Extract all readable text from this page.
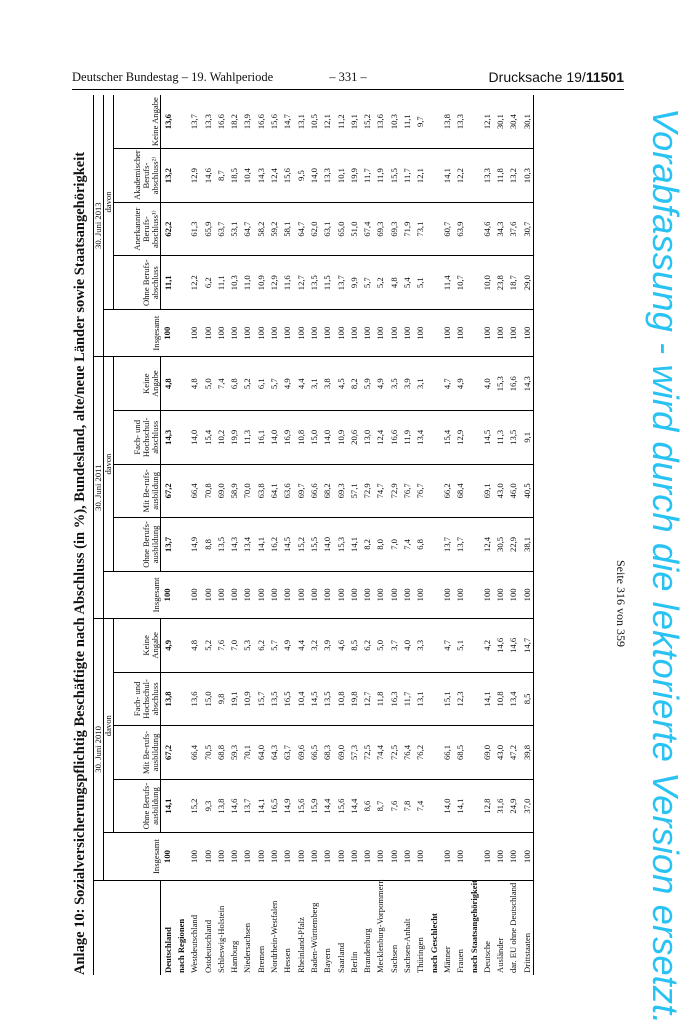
Deutscher Bundestag – 19. Wahlperiode	– 331 –	Drucksache 19/11501
Anlage 10: Sozialversicherungspflichtig Beschäftigte nach Abschluss (in %), Bundesland, alte/neue Länder sowie Staatsangehörigkeit
	30. Juni 2010					30. Juni 2011					30. Juni 2013				
	Insgesamt	davon				Insgesamt	davon				Insgesamt	davon			
		Ohne Berufs-ausbildung	Mit Be-rufs-ausbildung	Fach- und Hochschul-abschluss	Keine Angabe		Ohne Berufs-ausbildung	Mit Be-rufs-ausbildung	Fach- und Hochschul-abschluss	Keine Angabe		Ohne Berufs-abschluss	Anerkannter Berufs-abschluss¹⁾	Akademischer Berufs-abschluss²⁾	Keine Angabe
Deutschland	100	14,1	67,2	13,8	4,9	100	13,7	67,2	14,3	4,8	100	11,1	62,2	13,2	13,6
nach Regionen															
Westdeutschland	100	15,2	66,4	13,6	4,8	100	14,9	66,4	14,0	4,8	100	12,2	61,3	12,9	13,7
Ostdeutschland	100	9,3	70,5	15,0	5,2	100	8,8	70,8	15,4	5,0	100	6,2	65,9	14,6	13,3
Schleswig-Holstein	100	13,8	68,8	9,8	7,6	100	13,5	69,0	10,2	7,4	100	11,1	63,7	8,7	16,6
Hamburg	100	14,6	59,3	19,1	7,0	100	14,3	58,9	19,9	6,8	100	10,3	53,1	18,5	18,2
Niedersachsen	100	13,7	70,1	10,9	5,3	100	13,4	70,0	11,3	5,2	100	11,0	64,7	10,4	13,9
Bremen	100	14,1	64,0	15,7	6,2	100	14,1	63,8	16,1	6,1	100	10,9	58,2	14,3	16,6
Nordrhein-Westfalen	100	16,5	64,3	13,5	5,7	100	16,2	64,1	14,0	5,7	100	12,9	59,2	12,4	15,6
Hessen	100	14,9	63,7	16,5	4,9	100	14,5	63,6	16,9	4,9	100	11,6	58,1	15,6	14,7
Rheinland-Pfalz	100	15,6	69,6	10,4	4,4	100	15,2	69,7	10,8	4,4	100	12,7	64,7	9,5	13,1
Baden-Württemberg	100	15,9	66,5	14,5	3,2	100	15,5	66,6	15,0	3,1	100	13,5	62,0	14,0	10,5
Bayern	100	14,4	68,3	13,5	3,9	100	14,0	68,2	14,0	3,8	100	11,5	63,1	13,3	12,1
Saarland	100	15,6	69,0	10,8	4,6	100	15,3	69,3	10,9	4,5	100	13,7	65,0	10,1	11,2
Berlin	100	14,4	57,3	19,8	8,5	100	14,1	57,1	20,6	8,2	100	9,9	51,0	19,9	19,1
Brandenburg	100	8,6	72,5	12,7	6,2	100	8,2	72,9	13,0	5,9	100	5,7	67,4	11,7	15,2
Mecklenburg-Vorpommern	100	8,7	74,4	11,8	5,0	100	8,0	74,7	12,4	4,9	100	5,2	69,3	11,9	13,6
Sachsen	100	7,6	72,5	16,3	3,7	100	7,0	72,9	16,6	3,5	100	4,8	69,3	15,5	10,3
Sachsen-Anhalt	100	7,8	76,4	11,7	4,0	100	7,4	76,7	11,9	3,9	100	5,4	71,9	11,7	11,1
Thüringen	100	7,4	76,2	13,1	3,3	100	6,8	76,7	13,4	3,1	100	5,1	73,1	12,1	9,7
nach Geschlecht															
Männer	100	14,0	66,1	15,1	4,7	100	13,7	66,2	15,4	4,7	100	11,4	60,7	14,1	13,8
Frauen	100	14,1	68,5	12,3	5,1	100	13,7	68,4	12,9	4,9	100	10,7	63,9	12,2	13,3
nach Staatsangehörigkeit															
Deutsche	100	12,8	69,0	14,1	4,2	100	12,4	69,1	14,5	4,0	100	10,0	64,6	13,3	12,1
Ausländer	100	31,6	43,0	10,8	14,6	100	30,5	43,0	11,3	15,3	100	23,8	34,3	11,8	30,1
dar. EU ohne Deutschland	100	24,9	47,2	13,4	14,6	100	22,9	46,0	13,5	16,6	100	18,7	37,6	13,2	30,4
Drittstaaten	100	37,0	39,8	8,5	14,7	100	38,1	40,5	9,1	14,3	100	29,0	30,7	10,3	30,1	Vorabfassung - wird durch die lektorierte Version ersetzt.
Seite 316 von 359
